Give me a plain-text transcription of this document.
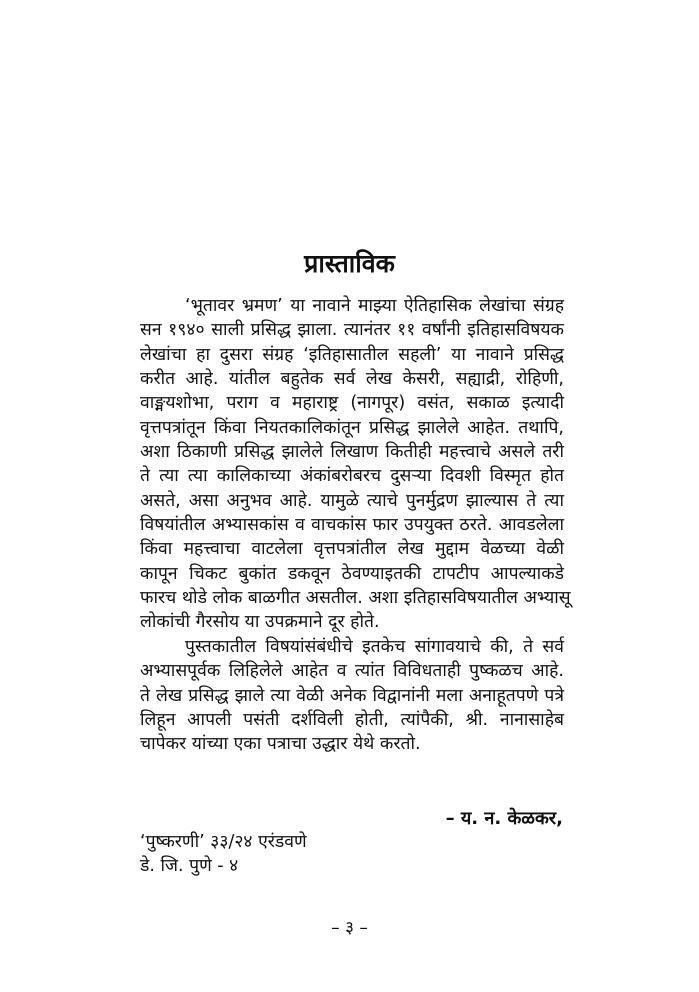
प्रास्ताविक
‘भूतावर भ्रमण’ या नावाने माझ्या ऐतिहासिक लेखांचा संग्रह
सन १९४० साली प्रसिद्ध झाला. त्यानंतर ११ वर्षांनी इतिहासविषयक
लेखांचा हा दुसरा संग्रह ‘इतिहासातील सहली’ या नावाने प्रसिद्ध
करीत आहे. यांतील बहुतेक सर्व लेख केसरी, सह्याद्री, रोहिणी,
वाङ्मयशोभा, पराग व महाराष्ट्र (नागपूर) वसंत, सकाळ इत्यादी
वृत्तपत्रांतून किंवा नियतकालिकांतून प्रसिद्ध झालेले आहेत. तथापि,
अशा ठिकाणी प्रसिद्ध झालेले लिखाण कितीही महत्त्वाचे असले तरी
ते त्या त्या कालिकाच्या अंकांबरोबरच दुसऱ्या दिवशी विस्मृत होत
असते, असा अनुभव आहे. यामुळे त्याचे पुनर्मुद्रण झाल्यास ते त्या
विषयांतील अभ्यासकांस व वाचकांस फार उपयुक्त ठरते. आवडलेला
किंवा महत्त्वाचा वाटलेला वृत्तपत्रांतील लेख मुद्दाम वेळच्या वेळी
कापून चिकट बुकांत डकवून ठेवण्याइतकी टापटीप आपल्याकडे
फारच थोडे लोक बाळगीत असतील. अशा इतिहासविषयातील अभ्यासू
लोकांची गैरसोय या उपक्रमाने दूर होते.
पुस्तकातील विषयांसंबंधीचे इतकेच सांगावयाचे की, ते सर्व
अभ्यासपूर्वक लिहिलेले आहेत व त्यांत विविधताही पुष्कळच आहे.
ते लेख प्रसिद्ध झाले त्या वेळी अनेक विद्वानांनी मला अनाहूतपणे पत्रे
लिहून आपली पसंती दर्शविली होती, त्यांपैकी, श्री. नानासाहेब
चापेकर यांच्या एका पत्राचा उद्धार येथे करतो.
– य. न. केळकर,
‘पुष्करणी’ ३३/२४ एरंडवणे
डे. जि. पुणे - ४
– ३ –
